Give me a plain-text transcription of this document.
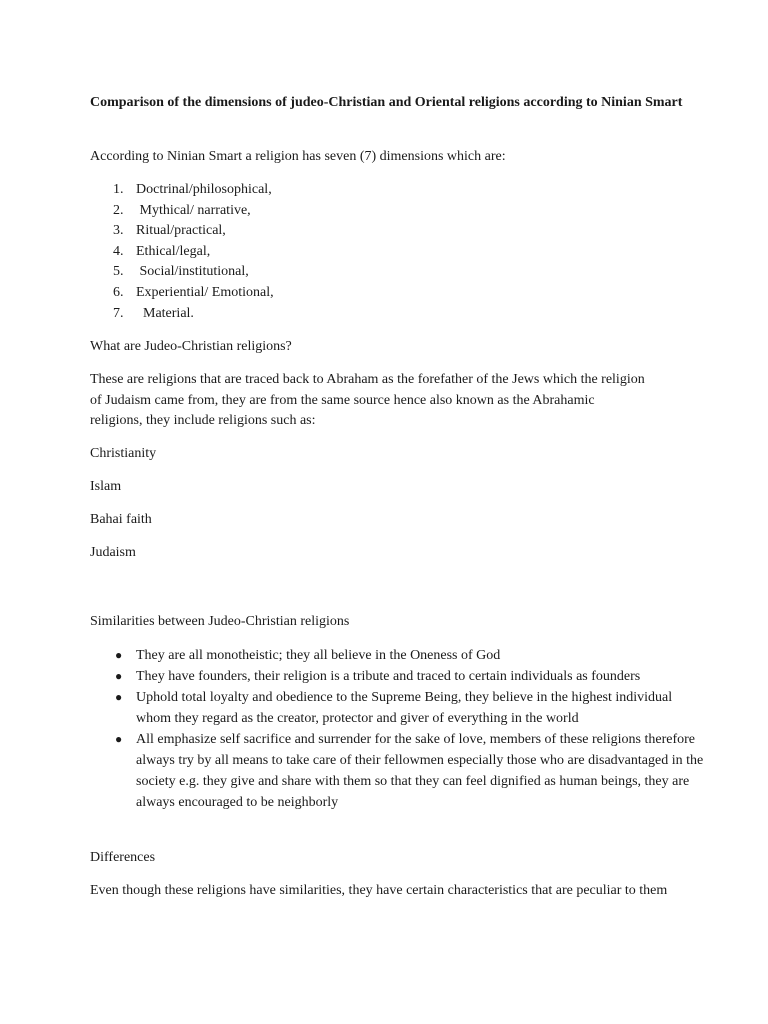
Comparison of the dimensions of judeo-Christian and Oriental religions according to Ninian Smart

According to Ninian Smart a religion has seven (7) dimensions which are:

1. Doctrinal/philosophical,
2. Mythical/ narrative,
3. Ritual/practical,
4. Ethical/legal,
5. Social/institutional,
6. Experiential/ Emotional,
7. Material.

What are Judeo-Christian religions?

These are religions that are traced back to Abraham as the forefather of the Jews which the religion of Judaism came from, they are from the same source hence also known as the Abrahamic religions, they include religions such as:

Christianity

Islam

Bahai faith

Judaism

Similarities between Judeo-Christian religions

● They are all monotheistic; they all believe in the Oneness of God
● They have founders, their religion is a tribute and traced to certain individuals as founders
● Uphold total loyalty and obedience to the Supreme Being, they believe in the highest individual whom they regard as the creator, protector and giver of everything in the world
● All emphasize self sacrifice and surrender for the sake of love, members of these religions therefore always try by all means to take care of their fellowmen especially those who are disadvantaged in the society e.g. they give and share with them so that they can feel dignified as human beings, they are always encouraged to be neighborly

Differences

Even though these religions have similarities, they have certain characteristics that are peculiar to them
